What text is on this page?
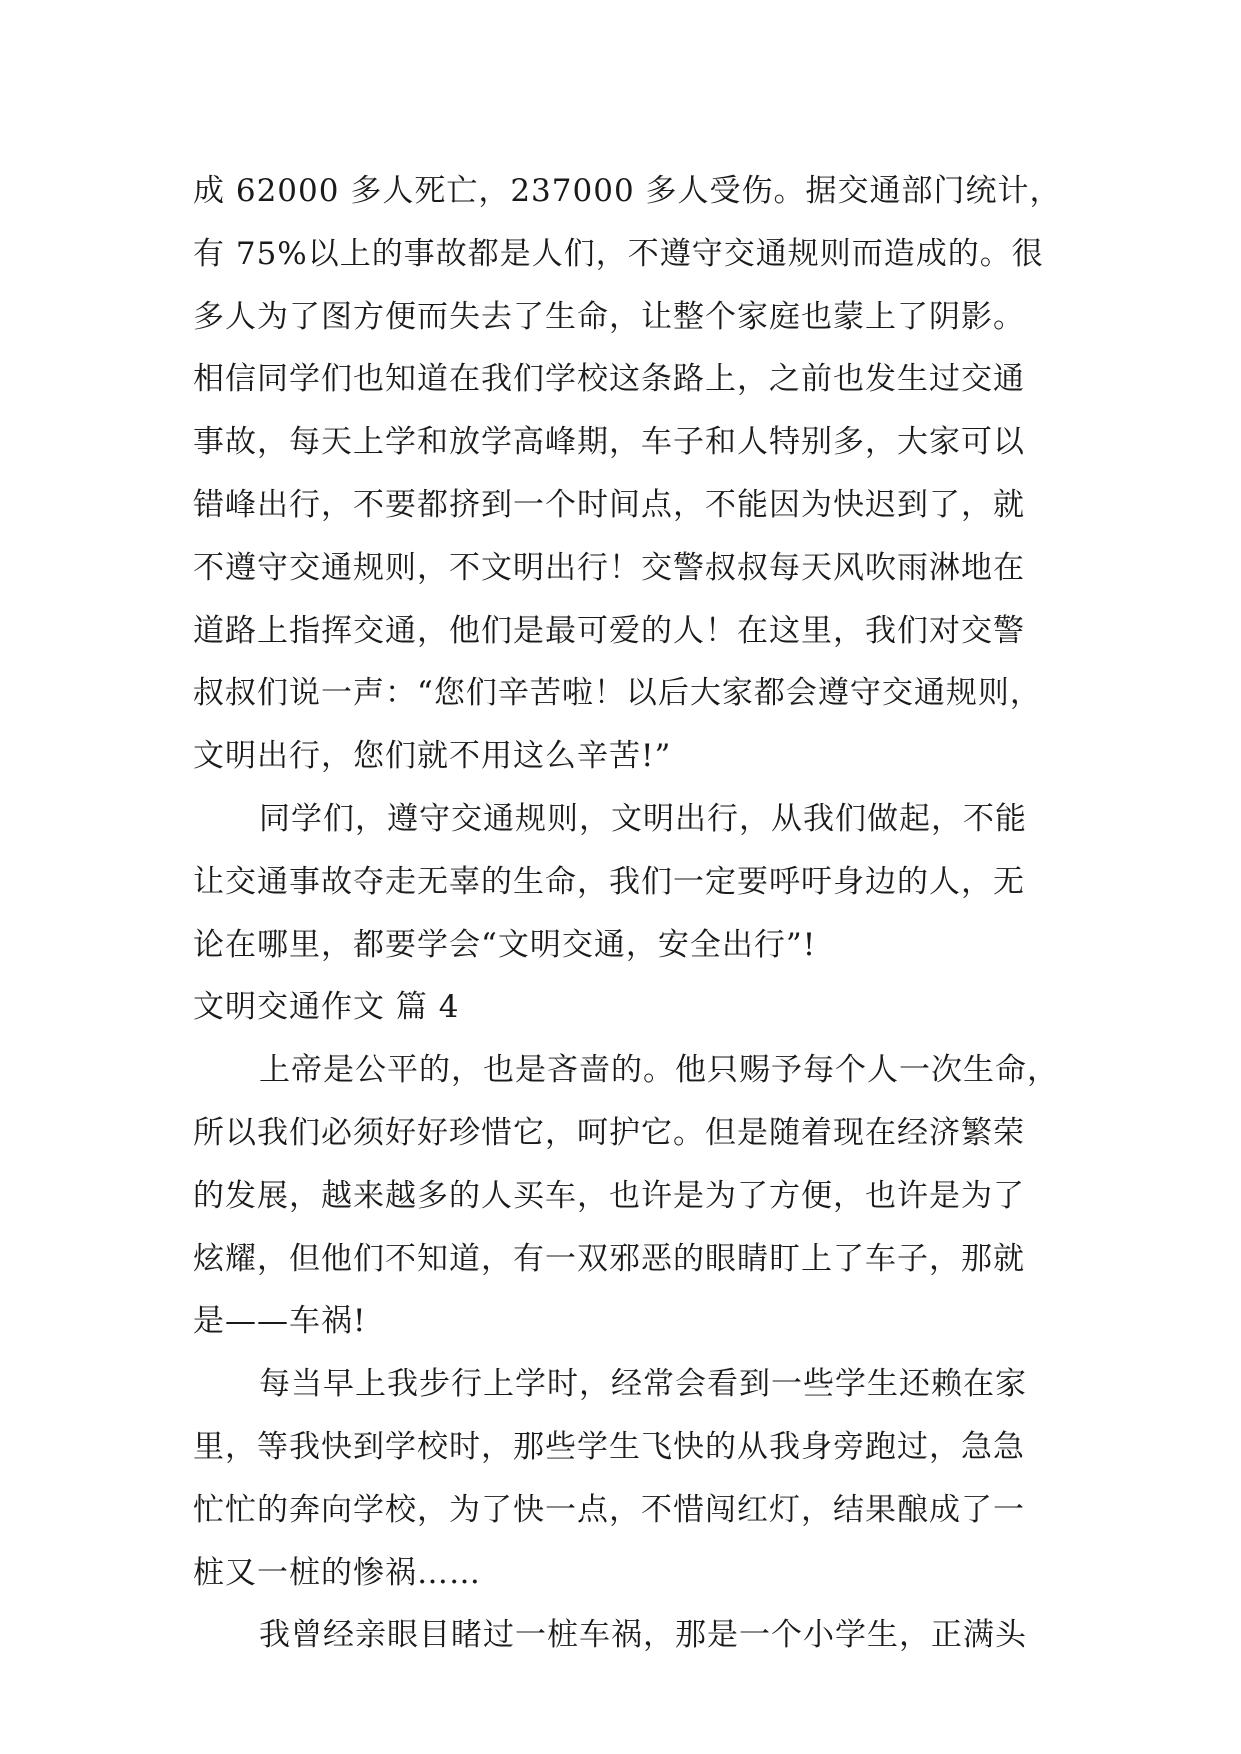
成 62000 多人死亡，237000 多人受伤。据交通部门统计，
有 75%以上的事故都是人们，不遵守交通规则而造成的。很
多人为了图方便而失去了生命，让整个家庭也蒙上了阴影。
相信同学们也知道在我们学校这条路上，之前也发生过交通
事故，每天上学和放学高峰期，车子和人特别多，大家可以
错峰出行，不要都挤到一个时间点，不能因为快迟到了，就
不遵守交通规则，不文明出行！交警叔叔每天风吹雨淋地在
道路上指挥交通，他们是最可爱的人！在这里，我们对交警
叔叔们说一声：“您们辛苦啦！以后大家都会遵守交通规则，
文明出行，您们就不用这么辛苦!”
同学们，遵守交通规则，文明出行，从我们做起，不能
让交通事故夺走无辜的生命，我们一定要呼吁身边的人，无
论在哪里，都要学会“文明交通，安全出行”!
文明交通作文 篇 4
上帝是公平的，也是吝啬的。他只赐予每个人一次生命，
所以我们必须好好珍惜它，呵护它。但是随着现在经济繁荣
的发展，越来越多的人买车，也许是为了方便，也许是为了
炫耀，但他们不知道，有一双邪恶的眼睛盯上了车子，那就
是——车祸!
每当早上我步行上学时，经常会看到一些学生还赖在家
里，等我快到学校时，那些学生飞快的从我身旁跑过，急急
忙忙的奔向学校，为了快一点，不惜闯红灯，结果酿成了一
桩又一桩的惨祸……
我曾经亲眼目睹过一桩车祸，那是一个小学生，正满头
